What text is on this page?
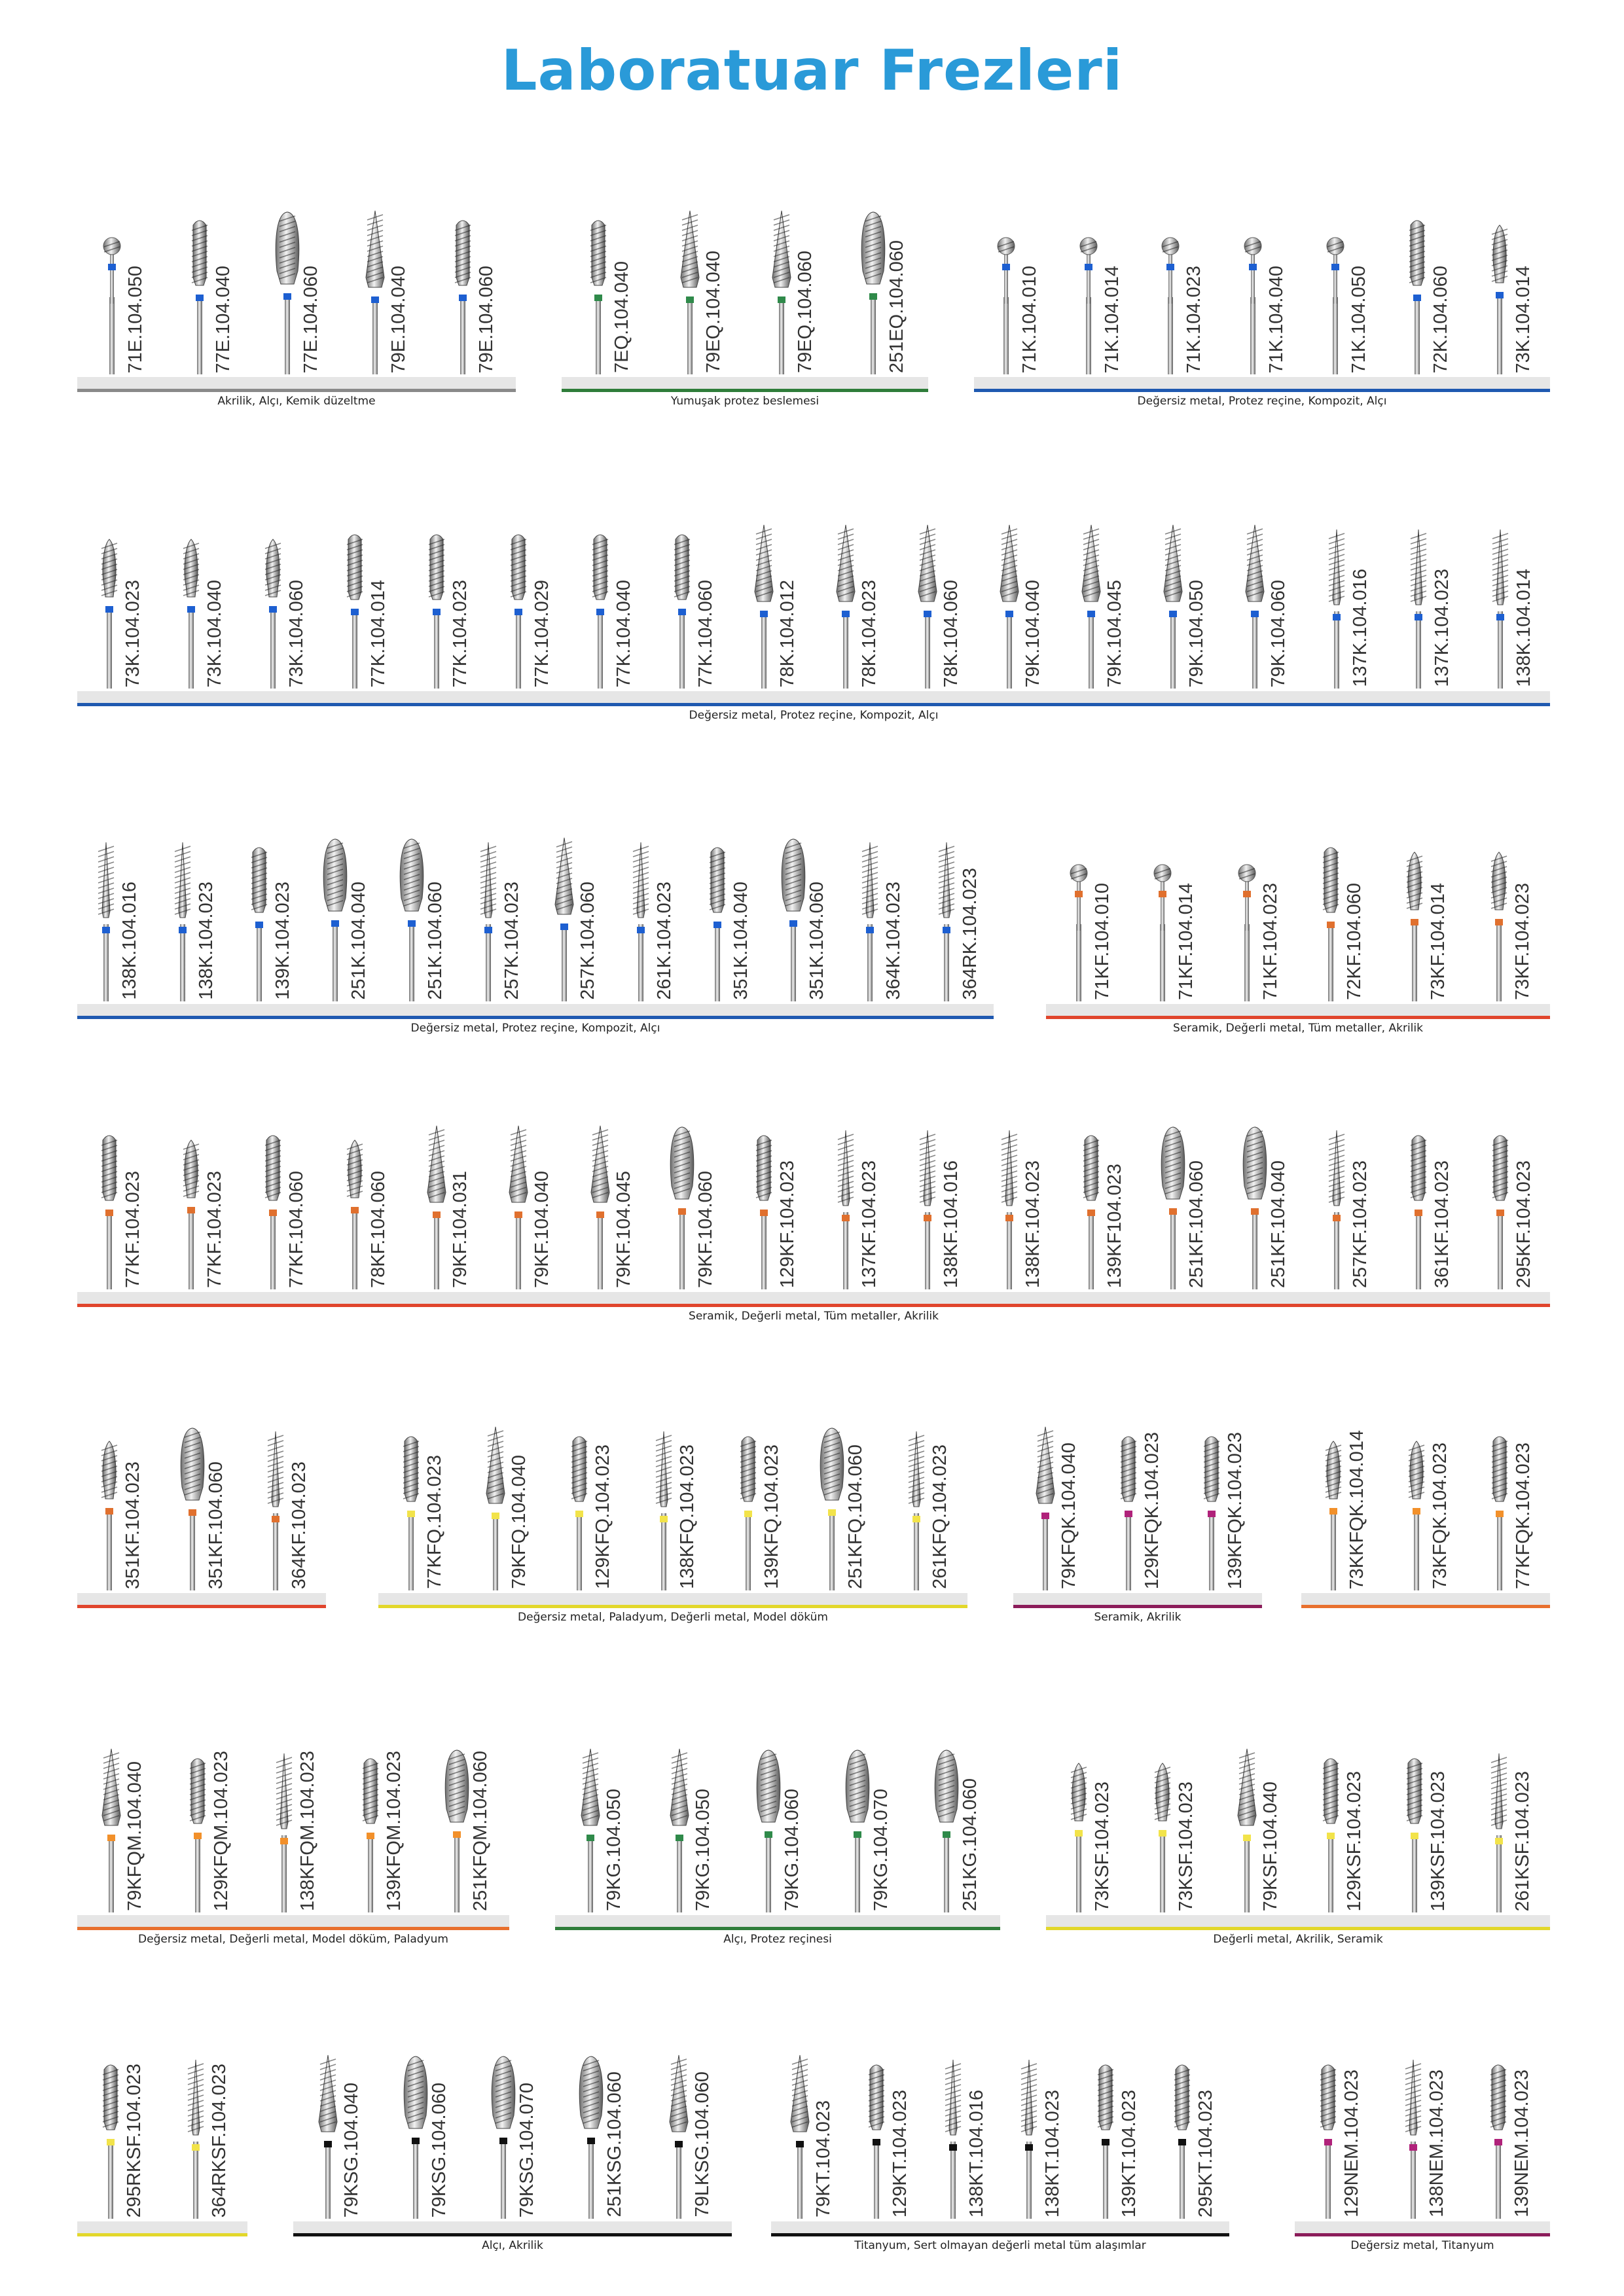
Laboratuar Frezleri
71E.104.050	77E.104.040	77E.104.060	79E.104.040	79E.104.060
Akrilik, Alçı, Kemik düzeltme
7EQ.104.040	79EQ.104.040	79EQ.104.060	251EQ.104.060
Yumuşak protez beslemesi
71K.104.010	71K.104.014	71K.104.023	71K.104.040	71K.104.050	72K.104.060	73K.104.014
Değersiz metal, Protez reçine, Kompozit, Alçı
73K.104.023	73K.104.040	73K.104.060	77K.104.014	77K.104.023	77K.104.029	77K.104.040	77K.104.060	78K.104.012	78K.104.023	78K.104.060	79K.104.040	79K.104.045	79K.104.050	79K.104.060	137K.104.016	137K.104.023	138K.104.014
Değersiz metal, Protez reçine, Kompozit, Alçı
138K.104.016	138K.104.023	139K.104.023	251K.104.040	251K.104.060	257K.104.023	257K.104.060	261K.104.023	351K.104.040	351K.104.060	364K.104.023	364RK.104.023
Değersiz metal, Protez reçine, Kompozit, Alçı
71KF.104.010	71KF.104.014	71KF.104.023	72KF.104.060	73KF.104.014	73KF.104.023
Seramik, Değerli metal, Tüm metaller, Akrilik
77KF.104.023	77KF.104.023	77KF.104.060	78KF.104.060	79KF.104.031	79KF.104.040	79KF.104.045	79KF.104.060	129KF.104.023	137KF.104.023	138KF.104.016	138KF.104.023	139KF104.023	251KF.104.060	251KF.104.040	257KF.104.023	361KF.104.023	295KF.104.023
Seramik, Değerli metal, Tüm metaller, Akrilik
351KF.104.023	351KF.104.060	364KF.104.023	77KFQ.104.023	79KFQ.104.040	129KFQ.104.023	138KFQ.104.023	139KFQ.104.023	251KFQ.104.060	261KFQ.104.023
Değersiz metal, Paladyum, Değerli metal, Model döküm
79KFQK.104.040	129KFQK.104.023	139KFQK.104.023
Seramik, Akrilik
73KKFQK.104.014	73KFQK.104.023	77KFQK.104.023
79KFQM.104.040	129KFQM.104.023	138KFQM.104.023	139KFQM.104.023	251KFQM.104.060
Değersiz metal, Değerli metal, Model döküm, Paladyum
79KG.104.050	79KG.104.050	79KG.104.060	79KG.104.070	251KG.104.060
Alçı, Protez reçinesi
73KSF.104.023	73KSF.104.023	79KSF.104.040	129KSF.104.023	139KSF.104.023	261KSF.104.023
Değerli metal, Akrilik, Seramik
295RKSF.104.023	364RKSF.104.023	79KSG.104.040	79KSG.104.060	79KSG.104.070	251KSG.104.060	79LKSG.104.060
Alçı, Akrilik
79KT.104.023	129KT.104.023	138KT.104.016	138KT.104.023	139KT.104.023	295KT.104.023
Titanyum, Sert olmayan değerli metal tüm alaşımlar
129NEM.104.023	138NEM.104.023	139NEM.104.023
Değersiz metal, Titanyum
